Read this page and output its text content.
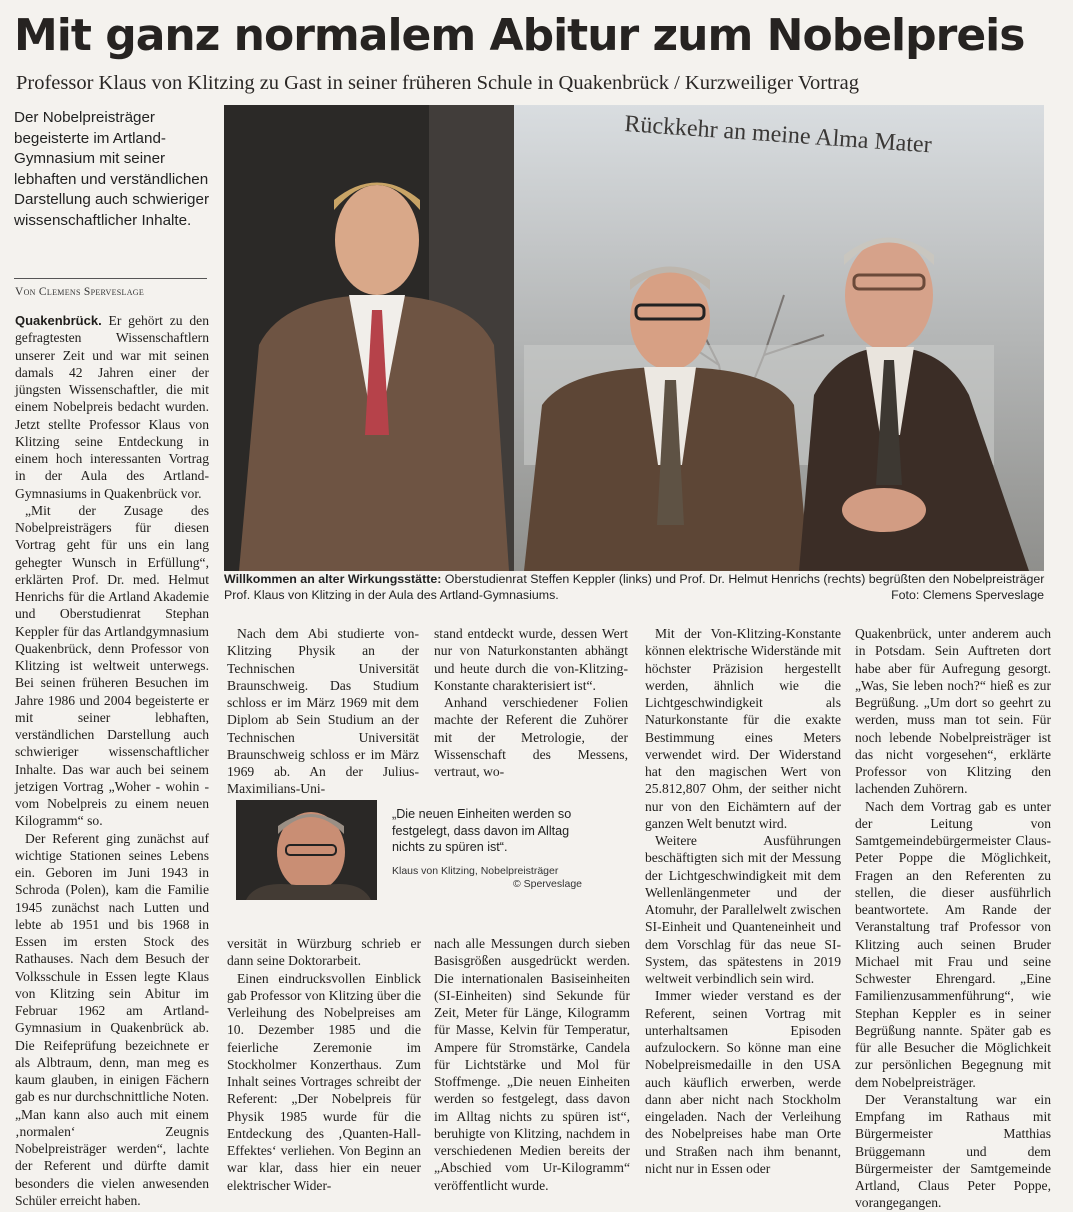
Mit ganz normalem Abitur zum Nobelpreis
Professor Klaus von Klitzing zu Gast in seiner früheren Schule in Quakenbrück / Kurzweiliger Vortrag
Der Nobelpreisträger begeisterte im Artland-Gymnasium mit seiner lebhaften und verständlichen Darstellung auch schwieriger wissenschaftlicher Inhalte.
Von Clemens Sperveslage

Quakenbrück. Er gehört zu den gefragtesten Wissenschaftlern unserer Zeit und war mit seinen damals 42 Jahren einer der jüngsten Wissenschaftler, die mit einem Nobelpreis bedacht wurden. Jetzt stellte Professor Klaus von Klitzing seine Entdeckung in einem hoch interessanten Vortrag in der Aula des Artland-Gymnasiums in Quakenbrück vor.

„Mit der Zusage des Nobelpreisträgers für diesen Vortrag geht für uns ein lang gehegter Wunsch in Erfüllung“, erklärten Prof. Dr. med. Helmut Henrichs für die Artland Akademie und Oberstudienrat Stephan Keppler für das Artlandgymnasium Quakenbrück, denn Professor von Klitzing ist weltweit unterwegs. Bei seinen früheren Besuchen im Jahre 1986 und 2004 begeisterte er mit seiner lebhaften, verständlichen Darstellung auch schwieriger wissenschaftlicher Inhalte. Das war auch bei seinem jetzigen Vortrag „Woher - wohin - vom Nobelpreis zu einem neuen Kilogramm“ so.

Der Referent ging zunächst auf wichtige Stationen seines Lebens ein. Geboren im Juni 1943 in Schroda (Polen), kam die Familie 1945 zunächst nach Lutten und lebte ab 1951 und bis 1968 in Essen im ersten Stock des Rathauses. Nach dem Besuch der Volksschule in Essen legte Klaus von Klitzing sein Abitur im Februar 1962 am Artland-Gymnasium in Quakenbrück ab. Die Reifeprüfung bezeichnete er als Albtraum, denn, man meg es kaum glauben, in einigen Fächern gab es nur durchschnittliche Noten. „Man kann also auch mit einem ‚normalen‘ Zeugnis Nobelpreisträger werden“, lachte der Referent und dürfte damit besonders die vielen anwesenden Schüler erreicht haben.

Rückkehr an meine Alma Mater
Willkommen an alter Wirkungsstätte: Oberstudienrat Steffen Keppler (links) und Prof. Dr. Helmut Henrichs (rechts) begrüßten den Nobelpreisträger Prof. Klaus von Klitzing in der Aula des Artland-Gymnasiums.	Foto: Clemens Sperveslage

Nach dem Abi studierte von-Klitzing Physik an der Technischen Universität Braunschweig. Das Studium schloss er im März 1969 mit dem Diplom ab Sein Studium an der Technischen Universität Braunschweig schloss er im März 1969 ab. An der Julius-Maximilians-Uni-

stand entdeckt wurde, dessen Wert nur von Naturkonstanten abhängt und heute durch die von-Klitzing-Konstante charakterisiert ist“.

Anhand verschiedener Folien machte der Referent die Zuhörer mit der Metrologie, der Wissenschaft des Messens, vertraut, wo-

„Die neuen Einheiten werden so festgelegt, dass davon im Alltag nichts zu spüren ist“.
Klaus von Klitzing, Nobelpreisträger
© Sperveslage

versität in Würzburg schrieb er dann seine Doktorarbeit.

Einen eindrucksvollen Einblick gab Professor von Klitzing über die Verleihung des Nobelpreises am 10. Dezember 1985 und die feierliche Zeremonie im Stockholmer Konzerthaus. Zum Inhalt seines Vortrages schreibt der Referent: „Der Nobelpreis für Physik 1985 wurde für die Entdeckung des ‚Quanten-Hall-Effektes‘ verliehen. Von Beginn an war klar, dass hier ein neuer elektrischer Wider-

nach alle Messungen durch sieben Basisgrößen ausgedrückt werden. Die internationalen Basiseinheiten (SI-Einheiten) sind Sekunde für Zeit, Meter für Länge, Kilogramm für Masse, Kelvin für Temperatur, Ampere für Stromstärke, Candela für Lichtstärke und Mol für Stoffmenge. „Die neuen Einheiten werden so festgelegt, dass davon im Alltag nichts zu spüren ist“, beruhigte von Klitzing, nachdem in verschiedenen Medien bereits der „Abschied vom Ur-Kilogramm“ veröffentlicht wurde.

Mit der Von-Klitzing-Konstante können elektrische Widerstände mit höchster Präzision hergestellt werden, ähnlich wie die Lichtgeschwindigkeit als Naturkonstante für die exakte Bestimmung eines Meters verwendet wird. Der Widerstand hat den magischen Wert von 25.812,807 Ohm, der seither nicht nur von den Eichämtern auf der ganzen Welt benutzt wird.

Weitere Ausführungen beschäftigten sich mit der Messung der Lichtgeschwindigkeit mit dem Wellenlängenmeter und der Atomuhr, der Parallelwelt zwischen SI-Einheit und Quanteneinheit und dem Vorschlag für das neue SI-System, das spätestens in 2019 weltweit verbindlich sein wird.

Immer wieder verstand es der Referent, seinen Vortrag mit unterhaltsamen Episoden aufzulockern. So könne man eine Nobelpreismedaille in den USA auch käuflich erwerben, werde dann aber nicht nach Stockholm eingeladen. Nach der Verleihung des Nobelpreises habe man Orte und Straßen nach ihm benannt, nicht nur in Essen oder

Quakenbrück, unter anderem auch in Potsdam. Sein Auftreten dort habe aber für Aufregung gesorgt. „Was, Sie leben noch?“ hieß es zur Begrüßung. „Um dort so geehrt zu werden, muss man tot sein. Für noch lebende Nobelpreisträger ist das nicht vorgesehen“, erklärte Professor von Klitzing den lachenden Zuhörern.

Nach dem Vortrag gab es unter der Leitung von Samtgemeindebürgermeister Claus-Peter Poppe die Möglichkeit, Fragen an den Referenten zu stellen, die dieser ausführlich beantwortete. Am Rande der Veranstaltung traf Professor von Klitzing auch seinen Bruder Michael mit Frau und seine Schwester Ehrengard. „Eine Familienzusammenführung“, wie Stephan Keppler es in seiner Begrüßung nannte. Später gab es für alle Besucher die Möglichkeit zur persönlichen Begegnung mit dem Nobelpreisträger.

Der Veranstaltung war ein Empfang im Rathaus mit Bürgermeister Matthias Brüggemann und dem Bürgermeister der Samtgemeinde Artland, Claus Peter Poppe, vorangegangen.
